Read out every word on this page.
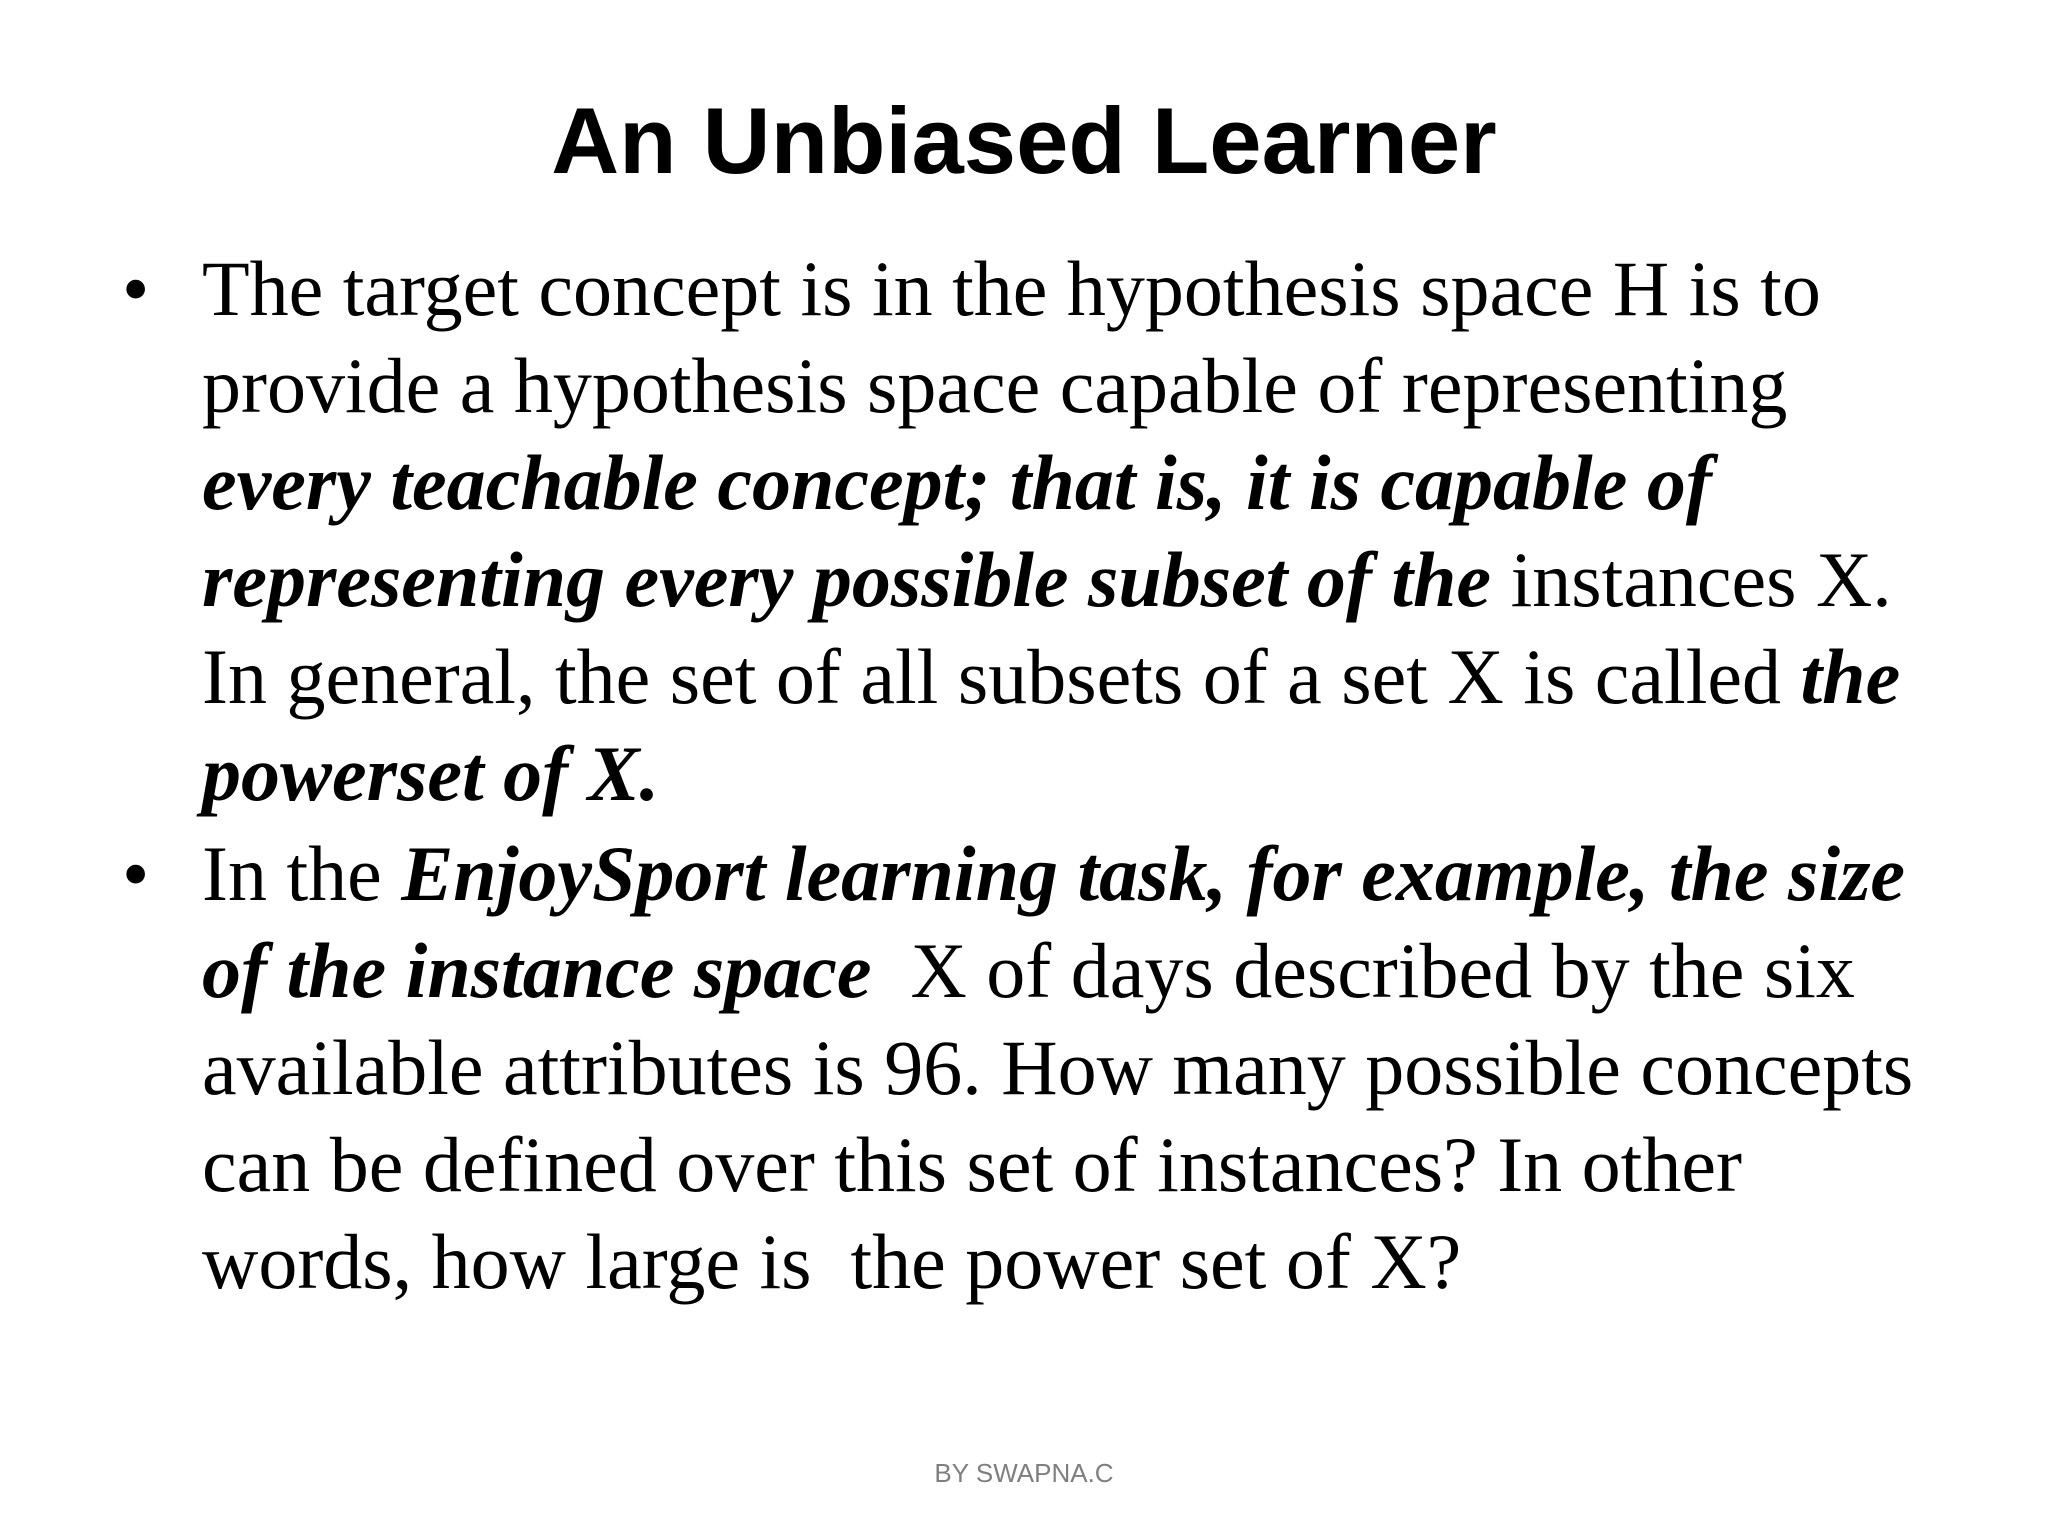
An Unbiased Learner
• The target concept is in the hypothesis space H is to provide a hypothesis space capable of representing every teachable concept; that is, it is capable of representing every possible subset of the instances X. In general, the set of all subsets of a set X is called the powerset of X.
• In the EnjoySport learning task, for example, the size of the instance space  X of days described by the six available attributes is 96. How many possible concepts can be defined over this set of instances? In other words, how large is  the power set of X?
BY SWAPNA.C
